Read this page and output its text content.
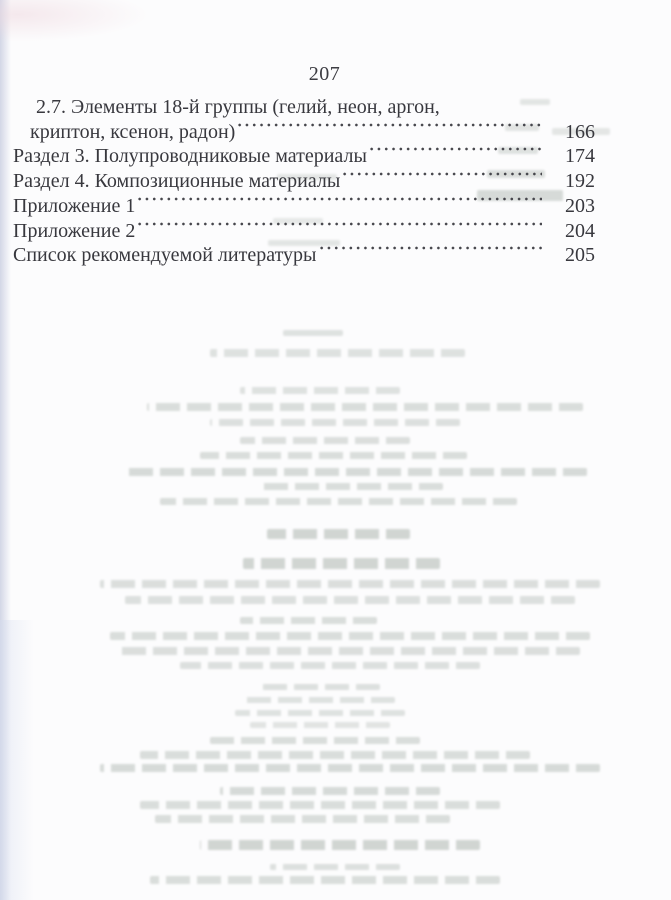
207
2.7. Элементы 18-й группы (гелий, неон, аргон,
криптон, ксенон, радон)	166
Раздел 3. Полупроводниковые материалы	174
Раздел 4. Композиционные материалы	192
Приложение 1	203
Приложение 2	204
Список рекомендуемой литературы	205
